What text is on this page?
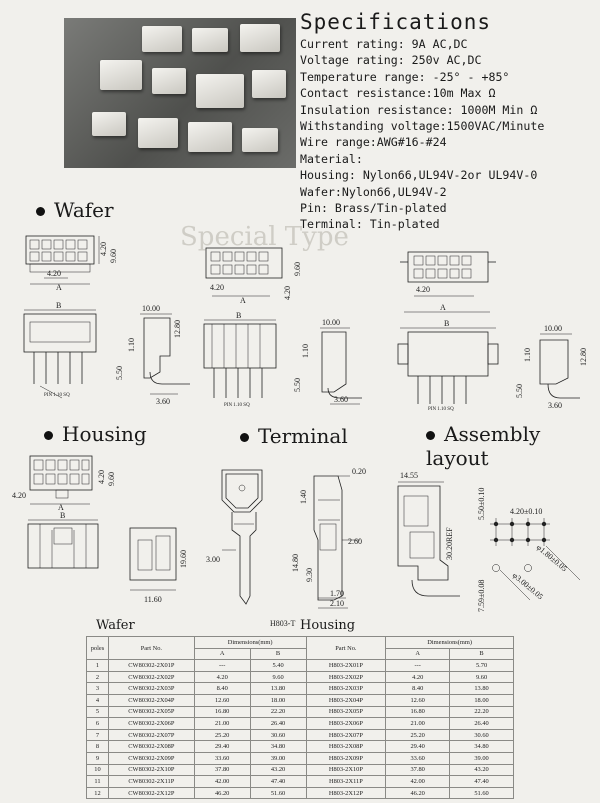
Specifications
Current rating: 9A AC,DC
Voltage rating: 250v AC,DC
Temperature range: -25° - +85°
Contact resistance:10m Max Ω
Insulation resistance: 1000M Min Ω
Withstanding voltage:1500VAC/Minute
Wire range:AWG#16-#24
Material:
Housing: Nylon66,UL94V-2or UL94V-0
Wafer:Nylon66,UL94V-2
Pin: Brass/Tin-plated
Terminal: Tin-plated
Wafer
Special Type
Housing	Terminal	Assembly
layout
4.20
A
4.20 9.60
B
PIN 1.10 SQ
10.00
12.80
1.10
5.50
3.60
4.20
A
4.20
9.60
B
PIN 1.10 SQ
10.00
1.10
5.50
3.60
4.20
A
B
PIN 1.10 SQ
10.00
12.80
1.10
5.50
3.60
4.20
A
4.20 9.60
B
19.60
11.60
3.00
H803-T
0.20
1.40
14.80
9.30
2.60
1.70
2.10
14.55
30.20REF
4.20±0.10
5.50±0.10
φ1.80±0.05
φ3.00±0.05
7.59±0.08
Wafer	Housing
poles	Part No.	Dimensions(mm)		Part No.	Dimensions(mm)	
		A	B		A	B
1	CW80302-2X01P	---	5.40	H803-2X01P	---	5.70
2	CW80302-2X02P	4.20	9.60	H803-2X02P	4.20	9.60
3	CW80302-2X03P	8.40	13.80	H803-2X03P	8.40	13.80
4	CW80302-2X04P	12.60	18.00	H803-2X04P	12.60	18.00
5	CW80302-2X05P	16.80	22.20	H803-2X05P	16.80	22.20
6	CW80302-2X06P	21.00	26.40	H803-2X06P	21.00	26.40
7	CW80302-2X07P	25.20	30.60	H803-2X07P	25.20	30.60
8	CW80302-2X08P	29.40	34.80	H803-2X08P	29.40	34.80
9	CW80302-2X09P	33.60	39.00	H803-2X09P	33.60	39.00
10	CW80302-2X10P	37.80	43.20	H803-2X10P	37.80	43.20
11	CW80302-2X11P	42.00	47.40	H803-2X11P	42.00	47.40
12	CW80302-2X12P	46.20	51.60	H803-2X12P	46.20	51.60
